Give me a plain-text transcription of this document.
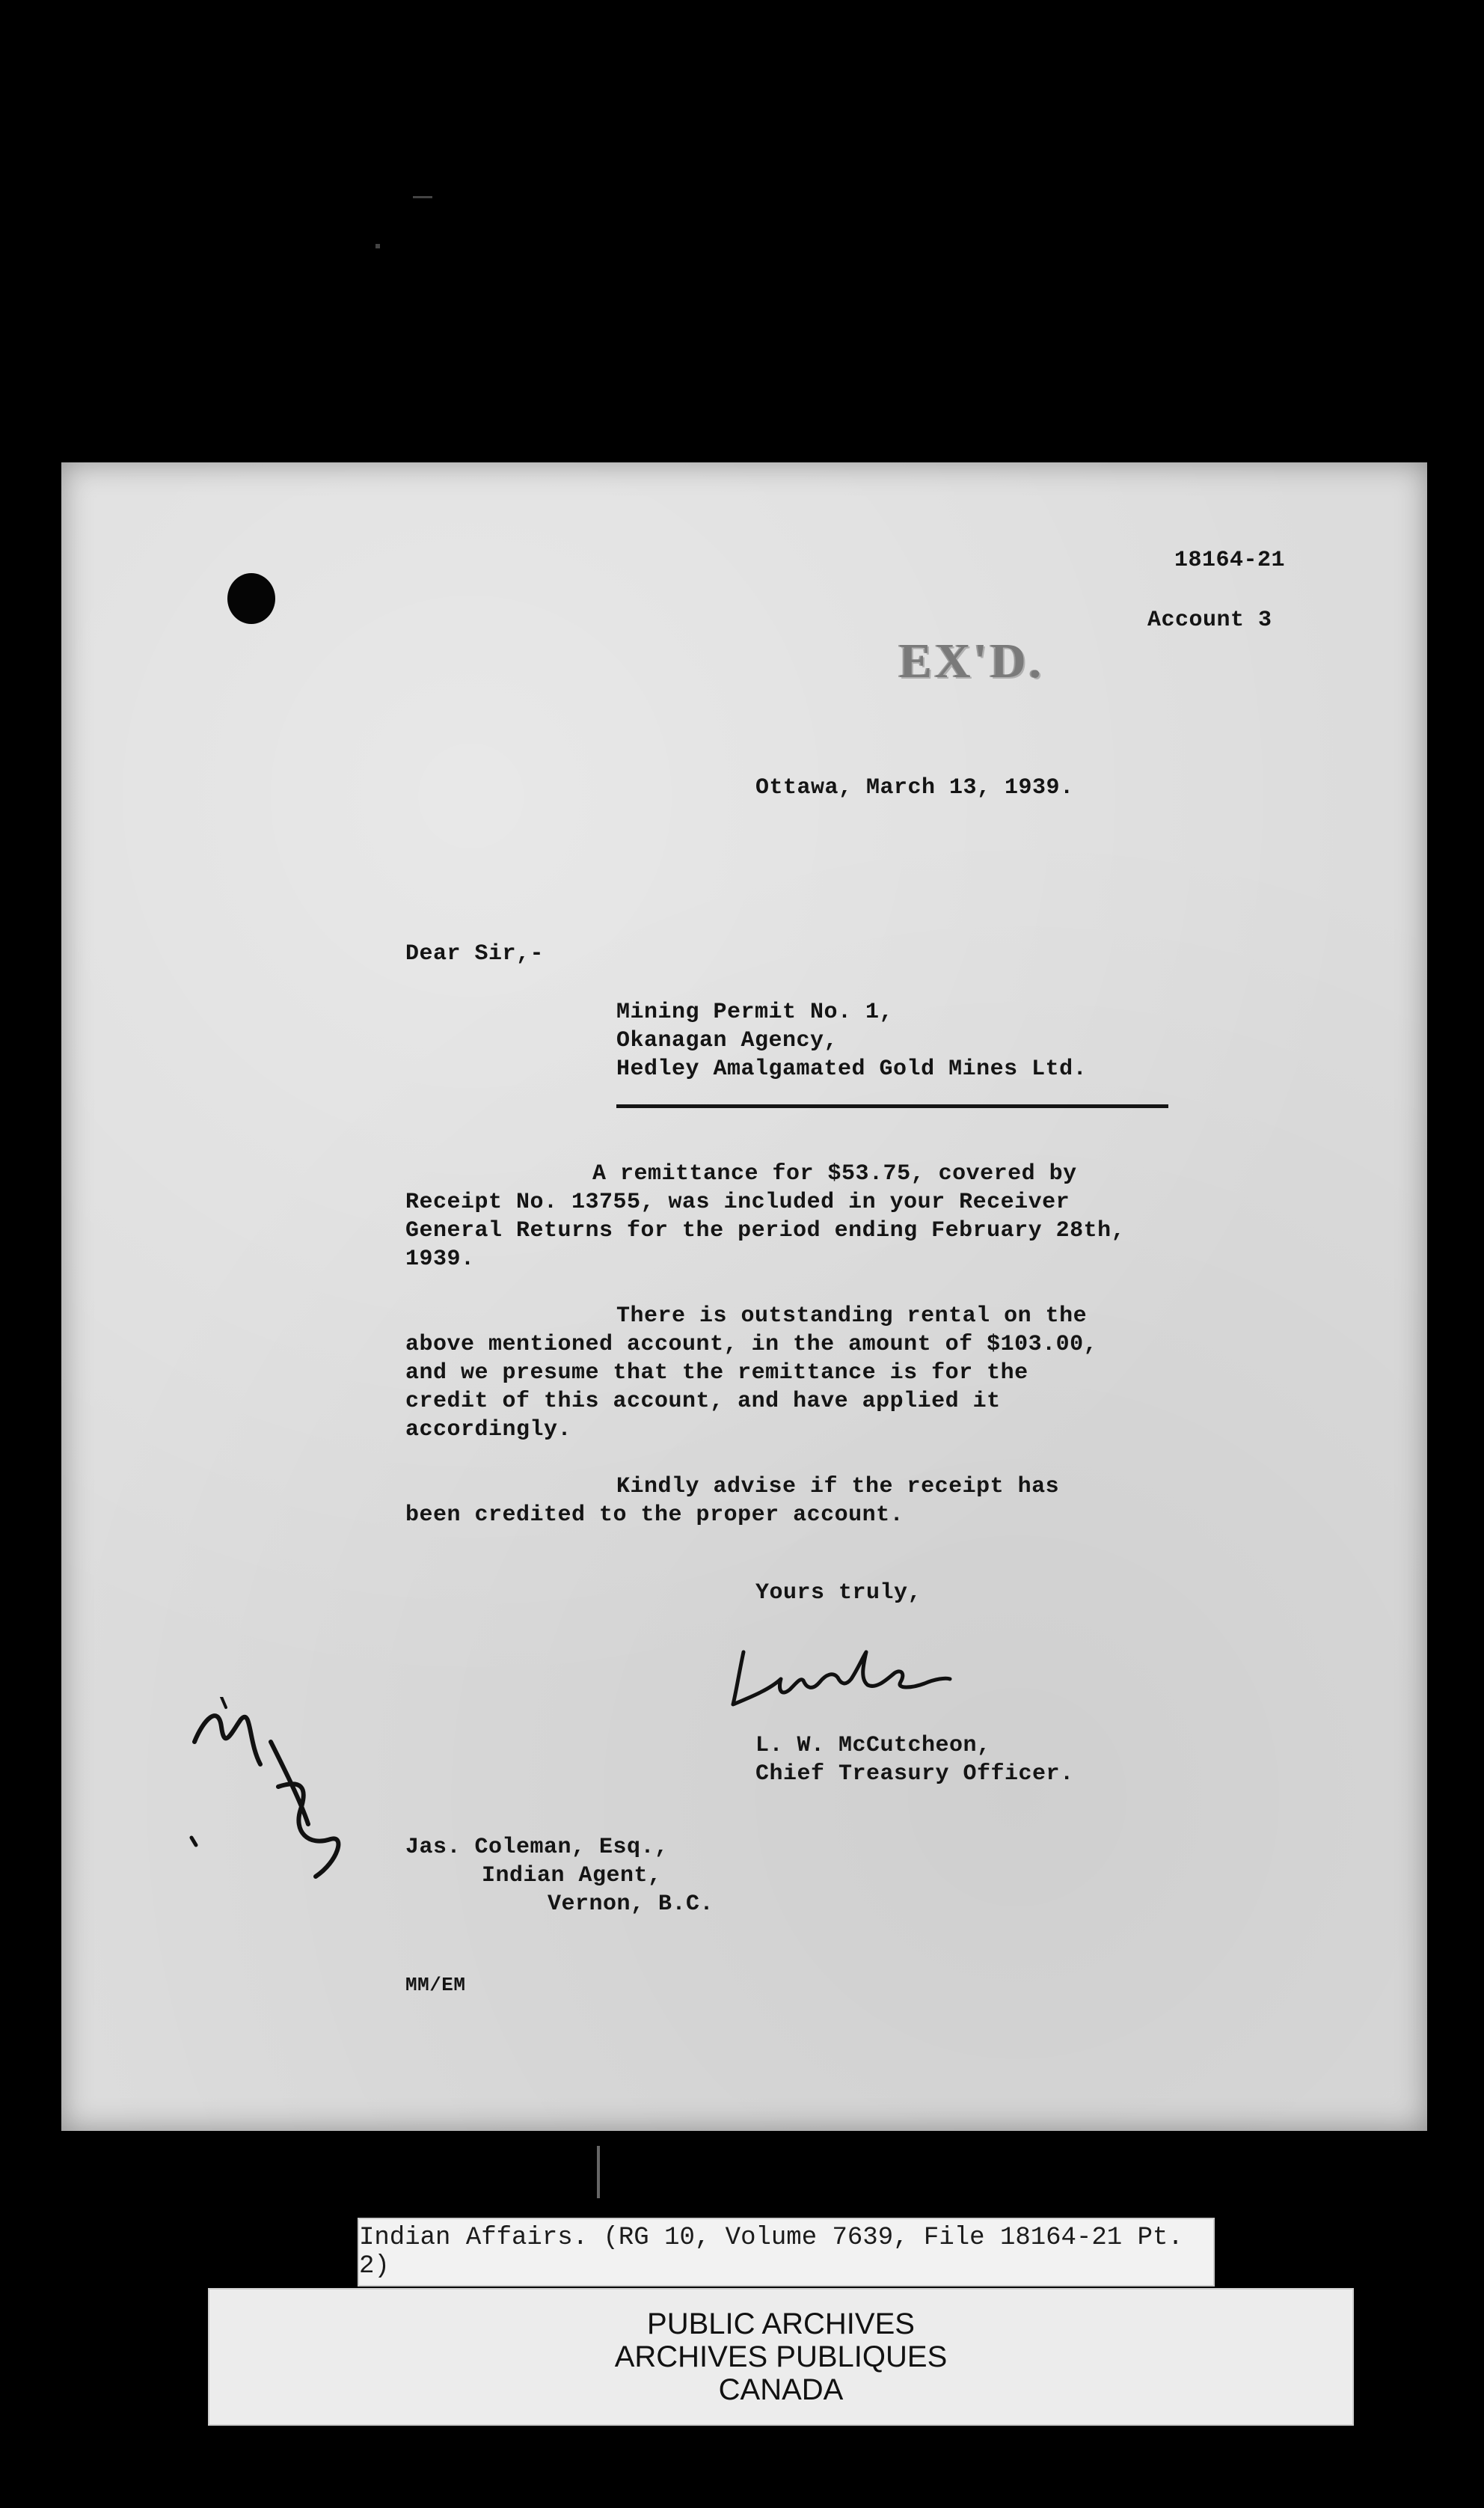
18164-21
Account 3
EX'D.
Ottawa, March 13, 1939.
Dear Sir,-
Mining Permit No. 1,
Okanagan Agency,
Hedley Amalgamated Gold Mines Ltd.
A remittance for $53.75, covered by
Receipt No. 13755, was included in your Receiver
General Returns for the period ending February 28th,
1939.
There is outstanding rental on the
above mentioned account, in the amount of $103.00,
and we presume that the remittance is for the
credit of this account, and have applied it
accordingly.
Kindly advise if the receipt has
been credited to the proper account.
Yours truly,
L. W. McCutcheon,
Chief Treasury Officer.
Jas. Coleman, Esq.,
Indian Agent,
Vernon, B.C.
MM/EM
Indian Affairs. (RG 10, Volume 7639, File 18164-21 Pt. 2)
PUBLIC ARCHIVES
ARCHIVES PUBLIQUES
CANADA
